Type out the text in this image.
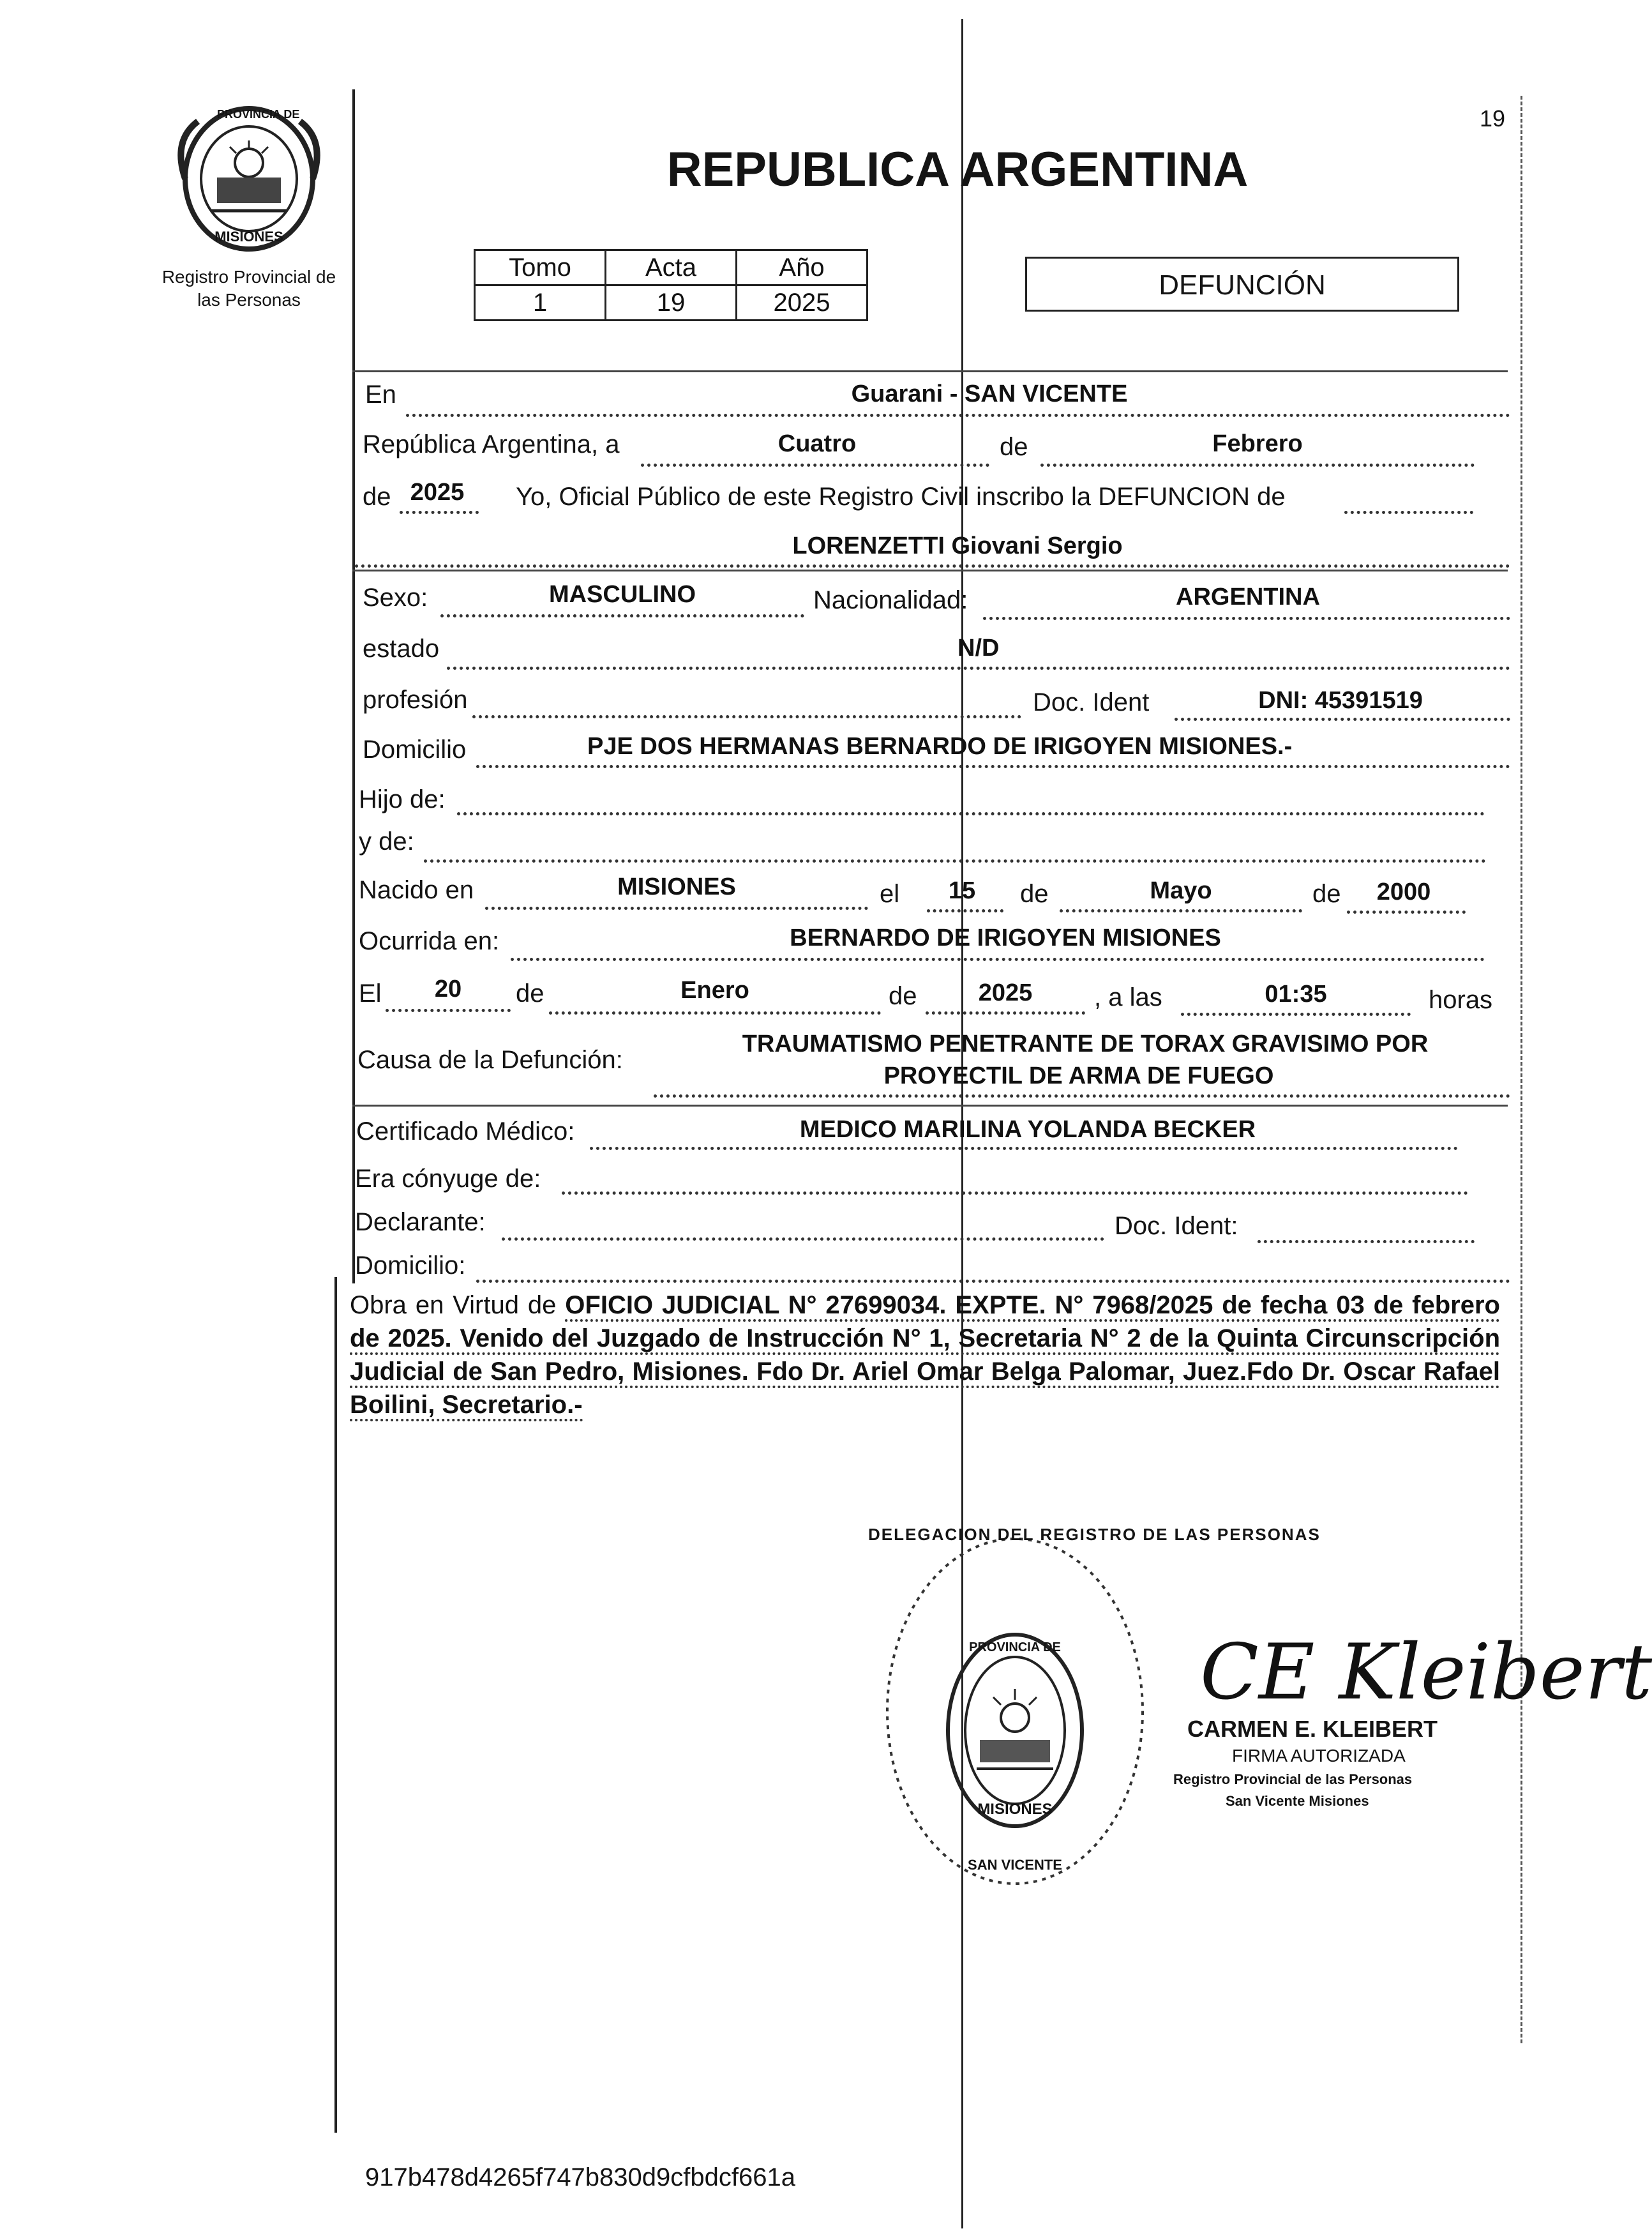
19
PROVINCIA DE
MISIONES
Registro Provincial de
las Personas
REPUBLICA ARGENTINA
Tomo	Acta	Año
1	19	2025
DEFUNCIÓN
En	Guarani - SAN VICENTE
República Argentina, a	Cuatro	de	Febrero
de 2025	Yo, Oficial Público de este Registro Civil inscribo la DEFUNCION de
LORENZETTI Giovani Sergio
Sexo:	MASCULINO	Nacionalidad:	ARGENTINA
estado	N/D
profesión	Doc. Ident	DNI: 45391519
Domicilio	PJE DOS HERMANAS BERNARDO DE IRIGOYEN MISIONES.-
Hijo de:
y de:
Nacido en	MISIONES	el	15	de	Mayo	de	2000
Ocurrida en:	BERNARDO DE IRIGOYEN MISIONES
El	20	de	Enero	de	2025	, a las	01:35	horas
Causa de la Defunción:
TRAUMATISMO PENETRANTE DE TORAX GRAVISIMO POR
PROYECTIL DE ARMA DE FUEGO
Certificado Médico:	MEDICO MARILINA YOLANDA BECKER
Era cónyuge de:
Declarante:	Doc. Ident:
Domicilio:
Obra en Virtud de OFICIO JUDICIAL N° 27699034. EXPTE. N° 7968/2025 de fecha 03 de febrero de 2025. Venido del Juzgado de Instrucción N° 1, Secretaria N° 2 de la Quinta Circunscripción Judicial de San Pedro, Misiones. Fdo Dr. Ariel Omar Belga Palomar, Juez.Fdo Dr. Oscar Rafael Boilini, Secretario.-
DELEGACION DEL REGISTRO DE LAS PERSONAS
PROVINCIA DE
MISIONES
SAN VICENTE
CE Kleibert
CARMEN E. KLEIBERT
FIRMA AUTORIZADA
Registro Provincial de las Personas
San Vicente Misiones
917b478d4265f747b830d9cfbdcf661a
